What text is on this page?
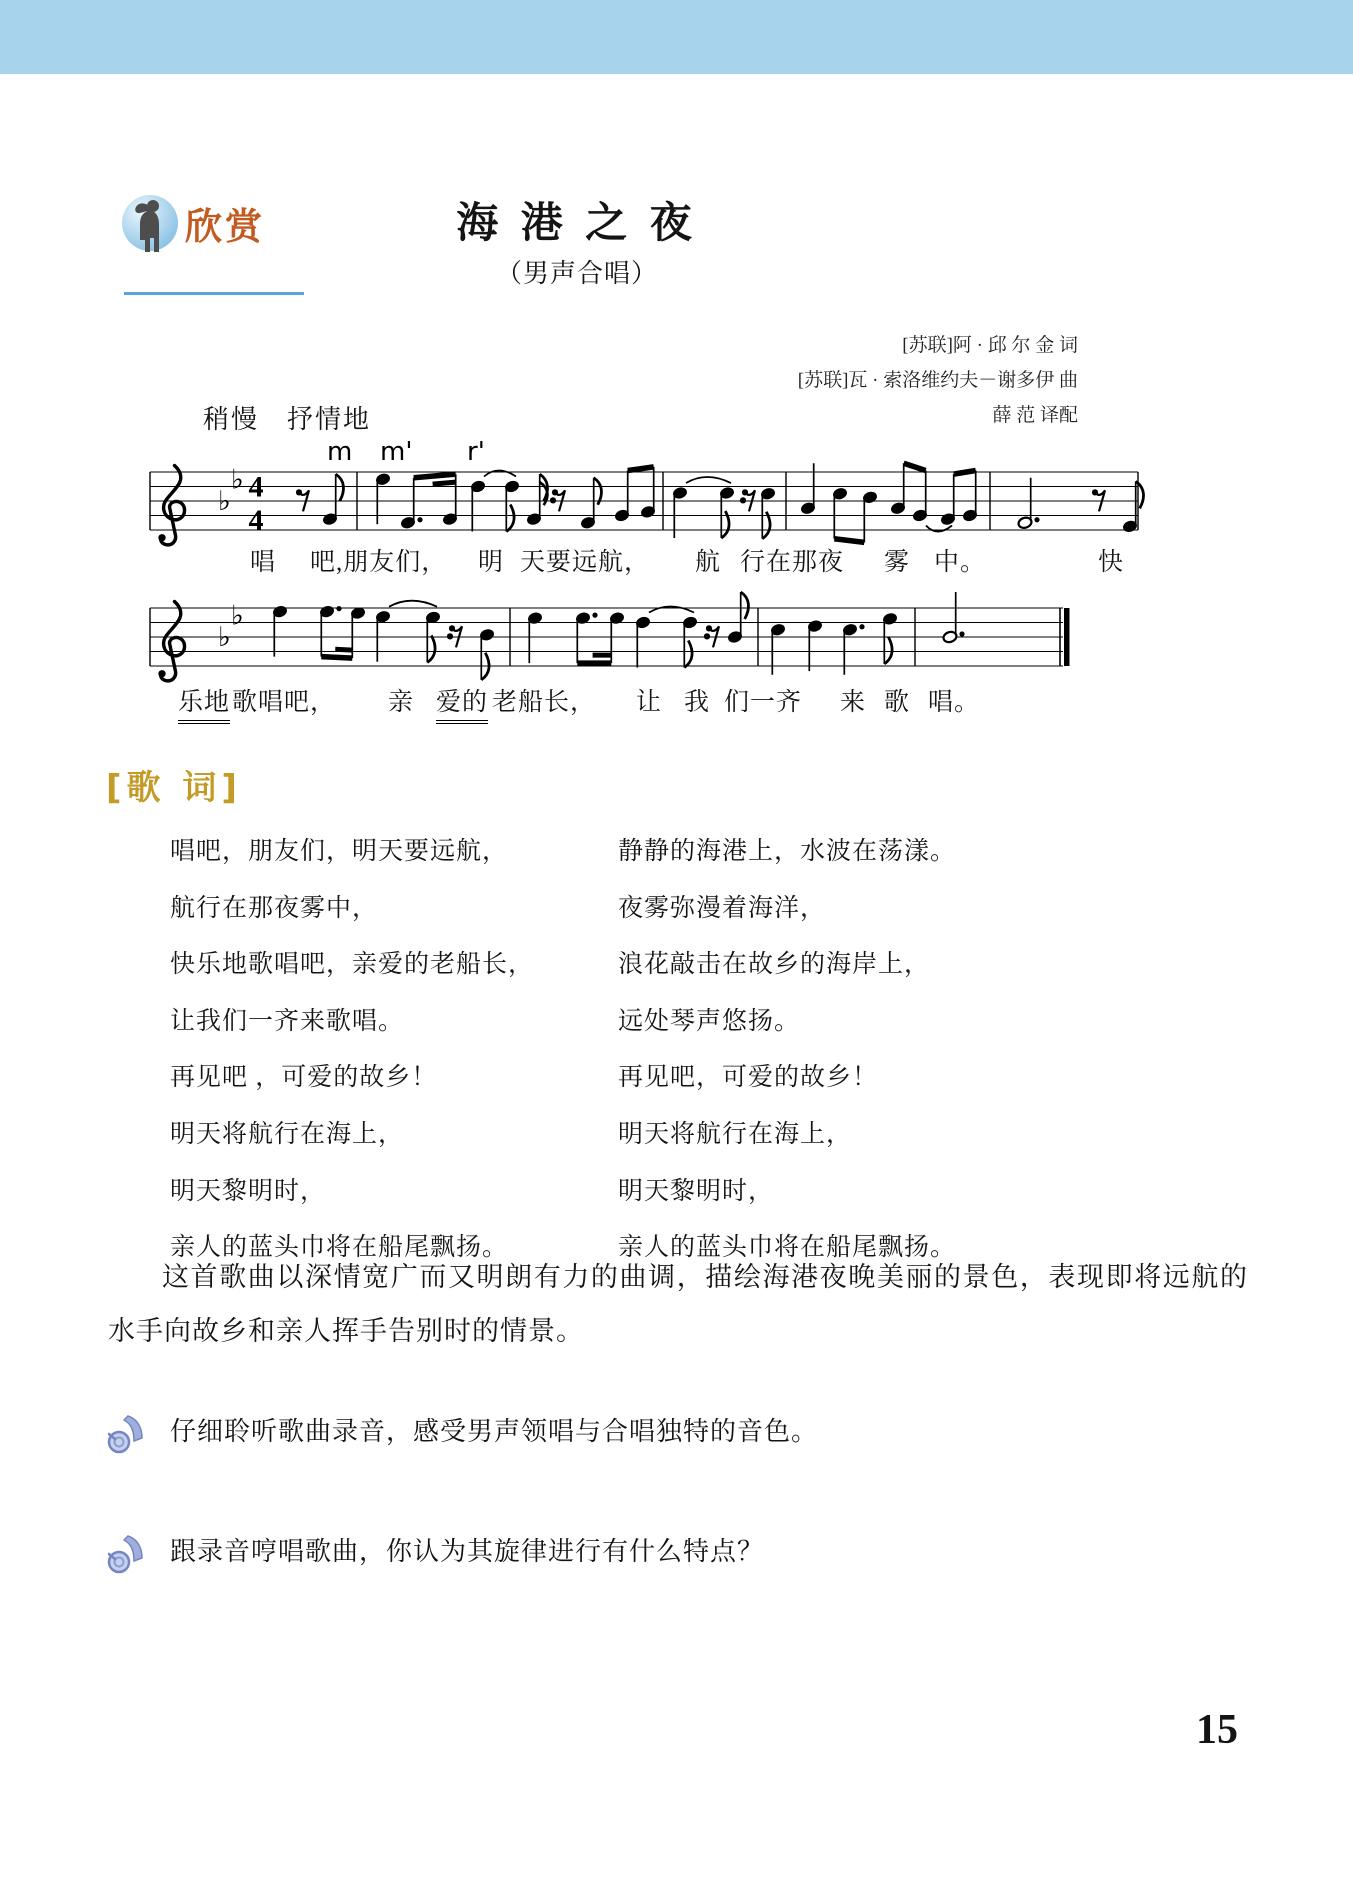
欣赏	海 港 之 夜
（男声合唱）
[苏联]阿 · 邱 尔 金 词
[苏联]瓦 · 索洛维约夫－谢多伊 曲
薛 范 译配
稍慢　抒情地
♭
♭ 4
4
m m' r'
唱 吧,朋友们， 明 天要远航， 航 行在那夜 雾 中。	快
♭
♭
乐地 歌唱吧， 亲 爱的 老船长， 让 我 们一齐 来 歌 唱。
[歌 词]
唱吧，朋友们，明天要远航，
航行在那夜雾中，
快乐地歌唱吧，亲爱的老船长，
让我们一齐来歌唱。
再见吧 ，可爱的故乡！
明天将航行在海上，
明天黎明时，
亲人的蓝头巾将在船尾飘扬。
静静的海港上，水波在荡漾。
夜雾弥漫着海洋，
浪花敲击在故乡的海岸上，
远处琴声悠扬。
再见吧，可爱的故乡！
明天将航行在海上，
明天黎明时，
亲人的蓝头巾将在船尾飘扬。
这首歌曲以深情宽广而又明朗有力的曲调，描绘海港夜晚美丽的景色，表现即将远航的水手向故乡和亲人挥手告别时的情景。
仔细聆听歌曲录音，感受男声领唱与合唱独特的音色。
跟录音哼唱歌曲，你认为其旋律进行有什么特点？
15
